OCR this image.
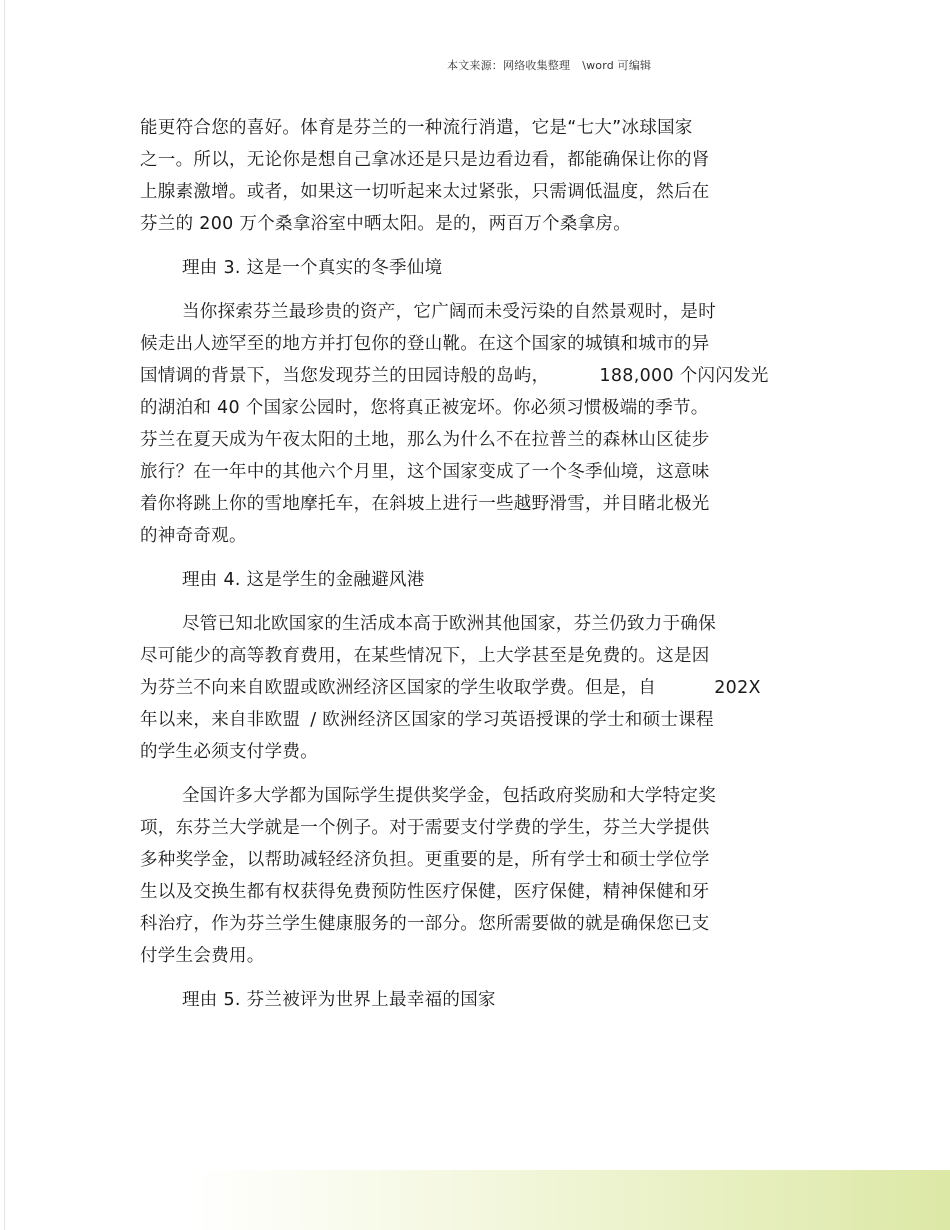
本文来源：网络收集整理 \word 可编辑
能更符合您的喜好。体育是芬兰的一种流行消遣，它是“七大”冰球国家
之一。所以，无论你是想自己拿冰还是只是边看边看，都能确保让你的肾
上腺素激增。或者，如果这一切听起来太过紧张，只需调低温度，然后在
芬兰的 200 万个桑拿浴室中晒太阳。是的，两百万个桑拿房。
理由 3. 这是一个真实的冬季仙境
当你探索芬兰最珍贵的资产，它广阔而未受污染的自然景观时，是时
候走出人迹罕至的地方并打包你的登山靴。在这个国家的城镇和城市的异
国情调的背景下，当您发现芬兰的田园诗般的岛屿，	188,000 个闪闪发光
的湖泊和 40 个国家公园时，您将真正被宠坏。你必须习惯极端的季节。
芬兰在夏天成为午夜太阳的土地，那么为什么不在拉普兰的森林山区徒步
旅行？在一年中的其他六个月里，这个国家变成了一个冬季仙境，这意味
着你将跳上你的雪地摩托车，在斜坡上进行一些越野滑雪，并目睹北极光
的神奇奇观。
理由 4. 这是学生的金融避风港
尽管已知北欧国家的生活成本高于欧洲其他国家，芬兰仍致力于确保
尽可能少的高等教育费用，在某些情况下，上大学甚至是免费的。这是因
为芬兰不向来自欧盟或欧洲经济区国家的学生收取学费。但是，自	202X
年以来，来自非欧盟 / 欧洲经济区国家的学习英语授课的学士和硕士课程
的学生必须支付学费。
全国许多大学都为国际学生提供奖学金，包括政府奖励和大学特定奖
项，东芬兰大学就是一个例子。对于需要支付学费的学生，芬兰大学提供
多种奖学金，以帮助减轻经济负担。更重要的是，所有学士和硕士学位学
生以及交换生都有权获得免费预防性医疗保健，医疗保健，精神保健和牙
科治疗，作为芬兰学生健康服务的一部分。您所需要做的就是确保您已支
付学生会费用。
理由 5. 芬兰被评为世界上最幸福的国家
